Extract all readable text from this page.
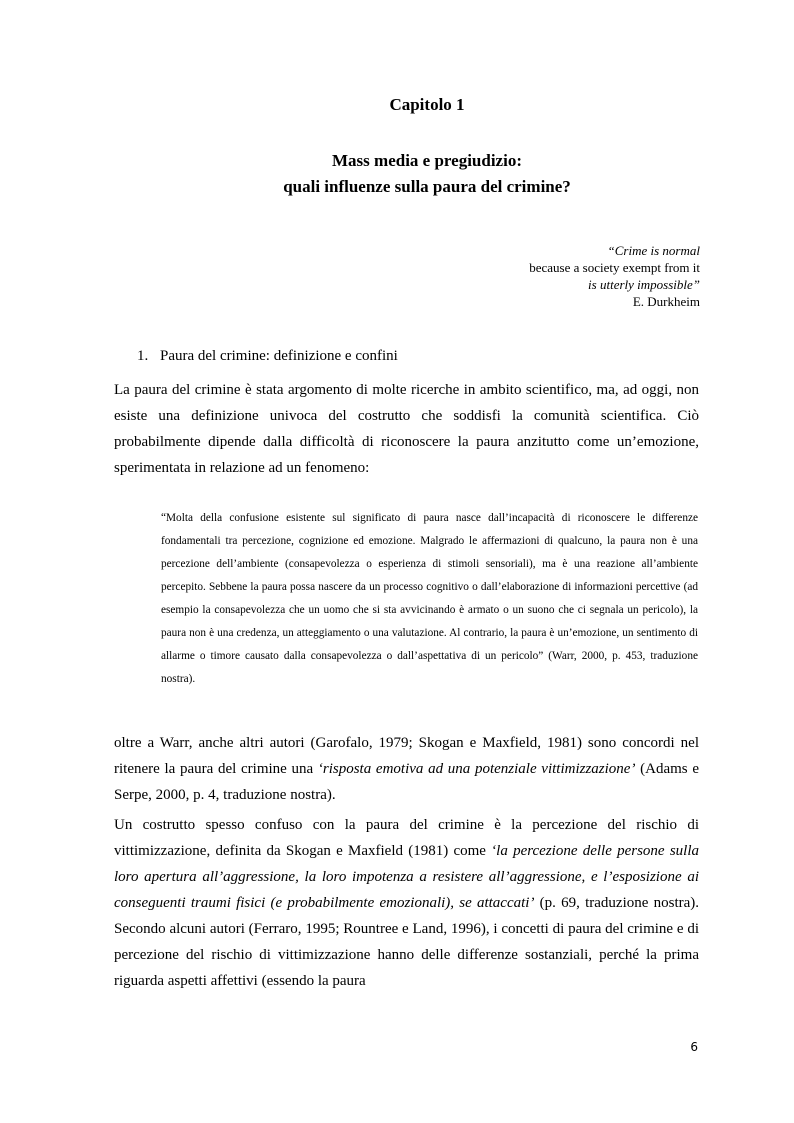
Capitolo 1
Mass media e pregiudizio:
quali influenze sulla paura del crimine?
“Crime is normal
because a society exempt from it
is utterly impossible”
E. Durkheim
1. Paura del crimine: definizione e confini

La paura del crimine è stata argomento di molte ricerche in ambito scientifico, ma, ad oggi, non esiste una definizione univoca del costrutto che soddisfi la comunità scientifica. Ciò probabilmente dipende dalla difficoltà di riconoscere la paura anzitutto come un’emozione, sperimentata in relazione ad un fenomeno:

“Molta della confusione esistente sul significato di paura nasce dall’incapacità di riconoscere le differenze fondamentali tra percezione, cognizione ed emozione. Malgrado le affermazioni di qualcuno, la paura non è una percezione dell’ambiente (consapevolezza o esperienza di stimoli sensoriali), ma è una reazione all’ambiente percepito. Sebbene la paura possa nascere da un processo cognitivo o dall’elaborazione di informazioni percettive (ad esempio la consapevolezza che un uomo che si sta avvicinando è armato o un suono che ci segnala un pericolo), la paura non è una credenza, un atteggiamento o una valutazione. Al contrario, la paura è un’emozione, un sentimento di allarme o timore causato dalla consapevolezza o dall’aspettativa di un pericolo” (Warr, 2000, p. 453, traduzione nostra).

oltre a Warr, anche altri autori (Garofalo, 1979; Skogan e Maxfield, 1981) sono concordi nel ritenere la paura del crimine una ‘risposta emotiva ad una potenziale vittimizzazione’ (Adams e Serpe, 2000, p. 4, traduzione nostra).

Un costrutto spesso confuso con la paura del crimine è la percezione del rischio di vittimizzazione, definita da Skogan e Maxfield (1981) come ‘la percezione delle persone sulla loro apertura all’aggressione, la loro impotenza a resistere all’aggressione, e l’esposizione ai conseguenti traumi fisici (e probabilmente emozionali), se attaccati’ (p. 69, traduzione nostra). Secondo alcuni autori (Ferraro, 1995; Rountree e Land, 1996), i concetti di paura del crimine e di percezione del rischio di vittimizzazione hanno delle differenze sostanziali, perché la prima riguarda aspetti affettivi (essendo la paura

6
